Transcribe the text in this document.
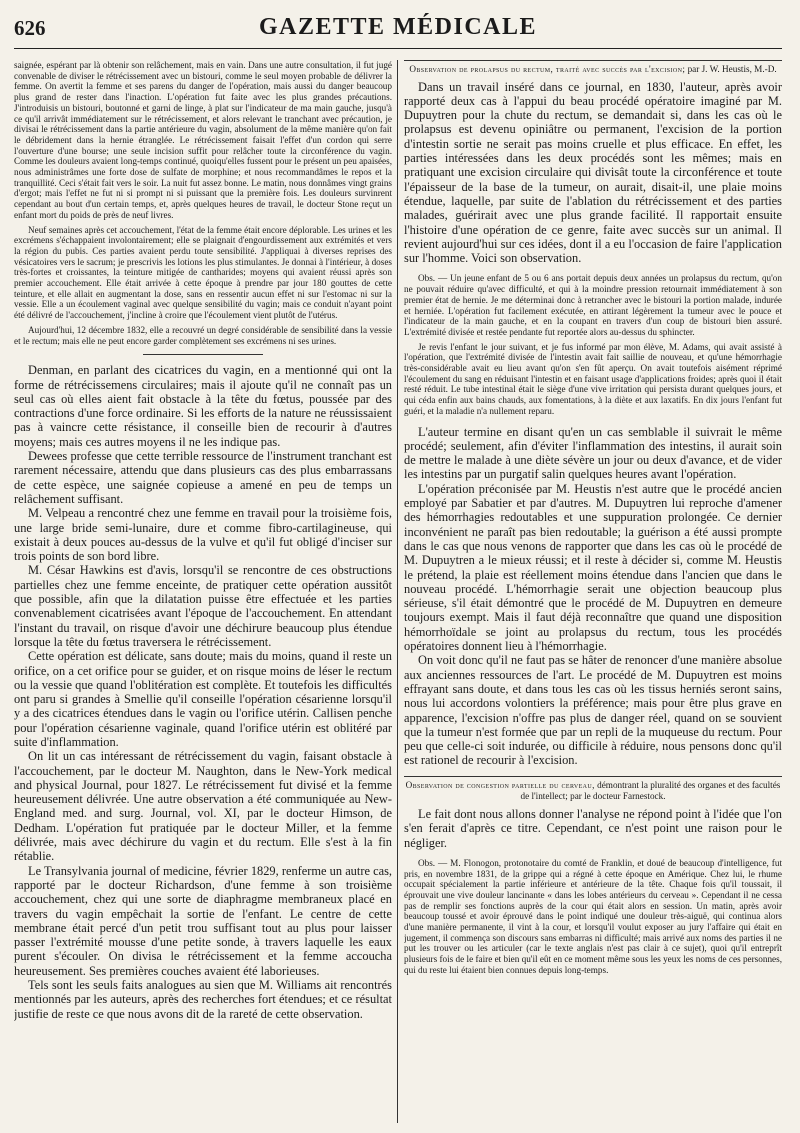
626	GAZETTE MÉDICALE

saignée, espérant par là obtenir son relâchement, mais en vain. Dans une autre consultation, il fut jugé convenable de diviser le rétrécissement avec un bistouri, comme le seul moyen probable de délivrer la femme. On avertit la femme et ses parens du danger de l'opération, mais aussi du danger beaucoup plus grand de rester dans l'inaction. L'opération fut faite avec les plus grandes précautions. J'introduisis un bistouri, boutonné et garni de linge, à plat sur l'indicateur de ma main gauche, jusqu'à ce qu'il arrivât immédiatement sur le rétrécissement, et alors relevant le tranchant avec précaution, je divisai le rétrécissement dans la partie antérieure du vagin, absolument de la même manière qu'on fait le débridement dans la hernie étranglée. Le rétrécissement faisait l'effet d'un cordon qui serre l'ouverture d'une bourse; une seule incision suffit pour relâcher toute la circonférence du vagin. Comme les douleurs avaient long-temps continué, quoiqu'elles fussent pour le présent un peu apaisées, nous administrâmes une forte dose de sulfate de morphine; et nous recommandâmes le repos et la tranquillité. Ceci s'était fait vers le soir. La nuit fut assez bonne. Le matin, nous donnâmes vingt grains d'ergot; mais l'effet ne fut ni si prompt ni si puissant que la première fois. Les douleurs survinrent cependant au bout d'un certain temps, et, après quelques heures de travail, le docteur Stone reçut un enfant mort du poids de près de neuf livres.

Neuf semaines après cet accouchement, l'état de la femme était encore déplorable. Les urines et les excrémens s'échappaient involontairement; elle se plaignait d'engourdissement aux extrémités et vers la région du pubis. Ces parties avaient perdu toute sensibilité. J'appliquai à diverses reprises des vésicatoires vers le sacrum; je prescrivis les lotions les plus stimulantes. Je donnai à l'intérieur, à doses très-fortes et croissantes, la teinture mitigée de cantharides; moyens qui avaient réussi après son premier accouchement. Elle était arrivée à cette époque à prendre par jour 180 gouttes de cette teinture, et elle allait en augmentant la dose, sans en ressentir aucun effet ni sur l'estomac ni sur la vessie. Elle a un écoulement vaginal avec quelque sensibilité du vagin; mais ce conduit n'ayant point été délivré de l'accouchement, j'incline à croire que l'écoulement vient plutôt de l'utérus.

Aujourd'hui, 12 décembre 1832, elle a recouvré un degré considérable de sensibilité dans la vessie et le rectum; mais elle ne peut encore garder complètement ses excrémens ni ses urines.

Denman, en parlant des cicatrices du vagin, en a mentionné qui ont la forme de rétrécissemens circulaires; mais il ajoute qu'il ne connaît pas un seul cas où elles aient fait obstacle à la tête du fœtus, poussée par des contractions d'une force ordinaire. Si les efforts de la nature ne réussissaient pas à vaincre cette résistance, il conseille bien de recourir à d'autres moyens; mais ces autres moyens il ne les indique pas.

Dewees professe que cette terrible ressource de l'instrument tranchant est rarement nécessaire, attendu que dans plusieurs cas des plus embarrassans de cette espèce, une saignée copieuse a amené en peu de temps un relâchement suffisant.

M. Velpeau a rencontré chez une femme en travail pour la troisième fois, une large bride semi-lunaire, dure et comme fibro-cartilagineuse, qui existait à deux pouces au-dessus de la vulve et qu'il fut obligé d'inciser sur trois points de son bord libre.

M. César Hawkins est d'avis, lorsqu'il se rencontre de ces obstructions partielles chez une femme enceinte, de pratiquer cette opération aussitôt que possible, afin que la dilatation puisse être effectuée et les parties convenablement cicatrisées avant l'époque de l'accouchement. En attendant l'instant du travail, on risque d'avoir une déchirure beaucoup plus étendue lorsque la tête du fœtus traversera le rétrécissement.

Cette opération est délicate, sans doute; mais du moins, quand il reste un orifice, on a cet orifice pour se guider, et on risque moins de léser le rectum ou la vessie que quand l'oblitération est complète. Et toutefois les difficultés ont paru si grandes à Smellie qu'il conseille l'opération césarienne lorsqu'il y a des cicatrices étendues dans le vagin ou l'orifice utérin. Callisen penche pour l'opération césarienne vaginale, quand l'orifice utérin est oblitéré par suite d'inflammation.

On lit un cas intéressant de rétrécissement du vagin, faisant obstacle à l'accouchement, par le docteur M. Naughton, dans le New-York medical and physical Journal, pour 1827. Le rétrécissement fut divisé et la femme heureusement délivrée. Une autre observation a été communiquée au New-England med. and surg. Journal, vol. XI, par le docteur Himson, de Dedham. L'opération fut pratiquée par le docteur Miller, et la femme délivrée, mais avec déchirure du vagin et du rectum. Elle s'est à la fin rétablie.

Le Transylvania journal of medicine, février 1829, renferme un autre cas, rapporté par le docteur Richardson, d'une femme à son troisième accouchement, chez qui une sorte de diaphragme membraneux placé en travers du vagin empêchait la sortie de l'enfant. Le centre de cette membrane était percé d'un petit trou suffisant tout au plus pour laisser passer l'extrémité mousse d'une petite sonde, à travers laquelle les eaux purent s'écouler. On divisa le rétrécissement et la femme accoucha heureusement. Ses premières couches avaient été laborieuses.

Tels sont les seuls faits analogues au sien que M. Williams ait rencontrés mentionnés par les auteurs, après des recherches fort étendues; et ce résultat justifie de reste ce que nous avons dit de la rareté de cette observation.

Observation de prolapsus du rectum, traité avec succès par l'excision; par J. W. Heustis, M.-D.

Dans un travail inséré dans ce journal, en 1830, l'auteur, après avoir rapporté deux cas à l'appui du beau procédé opératoire imaginé par M. Dupuytren pour la chute du rectum, se demandait si, dans les cas où le prolapsus est devenu opiniâtre ou permanent, l'excision de la portion d'intestin sortie ne serait pas moins cruelle et plus efficace. En effet, les parties intéressées dans les deux procédés sont les mêmes; mais en pratiquant une excision circulaire qui divisât toute la circonférence et toute l'épaisseur de la base de la tumeur, on aurait, disait-il, une plaie moins étendue, laquelle, par suite de l'ablation du rétrécissement et des parties malades, guérirait avec une plus grande facilité. Il rapportait ensuite l'histoire d'une opération de ce genre, faite avec succès sur un animal. Il revient aujourd'hui sur ces idées, dont il a eu l'occasion de faire l'application sur l'homme. Voici son observation.

Obs. — Un jeune enfant de 5 ou 6 ans portait depuis deux années un prolapsus du rectum, qu'on ne pouvait réduire qu'avec difficulté, et qui à la moindre pression retournait immédiatement à son premier état de hernie. Je me déterminai donc à retrancher avec le bistouri la portion malade, indurée et herniée. L'opération fut facilement exécutée, en attirant légèrement la tumeur avec le pouce et l'indicateur de la main gauche, et en la coupant en travers d'un coup de bistouri bien assuré. L'extrémité divisée et restée pendante fut reportée alors au-dessus du sphincter.

Je revis l'enfant le jour suivant, et je fus informé par mon élève, M. Adams, qui avait assisté à l'opération, que l'extrémité divisée de l'intestin avait fait saillie de nouveau, et qu'une hémorrhagie très-considérable avait eu lieu avant qu'on s'en fût aperçu. On avait toutefois aisément réprimé l'écoulement du sang en réduisant l'intestin et en faisant usage d'applications froides; après quoi il était resté réduit. Le tube intestinal était le siège d'une vive irritation qui persista durant quelques jours, et qui céda enfin aux bains chauds, aux fomentations, à la diète et aux laxatifs. En dix jours l'enfant fut guéri, et la maladie n'a nullement reparu.

L'auteur termine en disant qu'en un cas semblable il suivrait le même procédé; seulement, afin d'éviter l'inflammation des intestins, il aurait soin de mettre le malade à une diète sévère un jour ou deux d'avance, et de vider les intestins par un purgatif salin quelques heures avant l'opération.

L'opération préconisée par M. Heustis n'est autre que le procédé ancien employé par Sabatier et par d'autres. M. Dupuytren lui reproche d'amener des hémorrhagies redoutables et une suppuration prolongée. Ce dernier inconvénient ne paraît pas bien redoutable; la guérison a été aussi prompte dans le cas que nous venons de rapporter que dans les cas où le procédé de M. Dupuytren a le mieux réussi; et il reste à décider si, comme M. Heustis le prétend, la plaie est réellement moins étendue dans l'ancien que dans le nouveau procédé. L'hémorrhagie serait une objection beaucoup plus sérieuse, s'il était démontré que le procédé de M. Dupuytren en demeure toujours exempt. Mais il faut déjà reconnaître que quand une disposition hémorrhoïdale se joint au prolapsus du rectum, tous les procédés opératoires donnent lieu à l'hémorrhagie.

On voit donc qu'il ne faut pas se hâter de renoncer d'une manière absolue aux anciennes ressources de l'art. Le procédé de M. Dupuytren est moins effrayant sans doute, et dans tous les cas où les tissus herniés seront sains, nous lui accordons volontiers la préférence; mais pour être plus grave en apparence, l'excision n'offre pas plus de danger réel, quand on se souvient que la tumeur n'est formée que par un repli de la muqueuse du rectum. Pour peu que celle-ci soit indurée, ou difficile à réduire, nous pensons donc qu'il est rationel de recourir à l'excision.

Observation de congestion partielle du cerveau, démontrant la pluralité des organes et des facultés de l'intellect; par le docteur Farnestock.

Le fait dont nous allons donner l'analyse ne répond point à l'idée que l'on s'en ferait d'après ce titre. Cependant, ce n'est point une raison pour le négliger.

Obs. — M. Flonogon, protonotaire du comté de Franklin, et doué de beaucoup d'intelligence, fut pris, en novembre 1831, de la grippe qui a régné à cette époque en Amérique. Chez lui, le rhume occupait spécialement la partie inférieure et antérieure de la tête. Chaque fois qu'il toussait, il éprouvait une vive douleur lancinante « dans les lobes antérieurs du cerveau ». Cependant il ne cessa pas de remplir ses fonctions auprès de la cour qui était alors en session. Un matin, après avoir beaucoup toussé et avoir éprouvé dans le point indiqué une douleur très-aiguë, qui continua alors d'une manière permanente, il vint à la cour, et lorsqu'il voulut exposer au jury l'affaire qui était en jugement, il commença son discours sans embarras ni difficulté; mais arrivé aux noms des parties il ne put les trouver ou les articuler (car le texte anglais n'est pas clair à ce sujet), quoi qu'il entreprît plusieurs fois de le faire et bien qu'il eût en ce moment même sous les yeux les noms de ces personnes, qui du reste lui étaient bien connues depuis long-temps.
